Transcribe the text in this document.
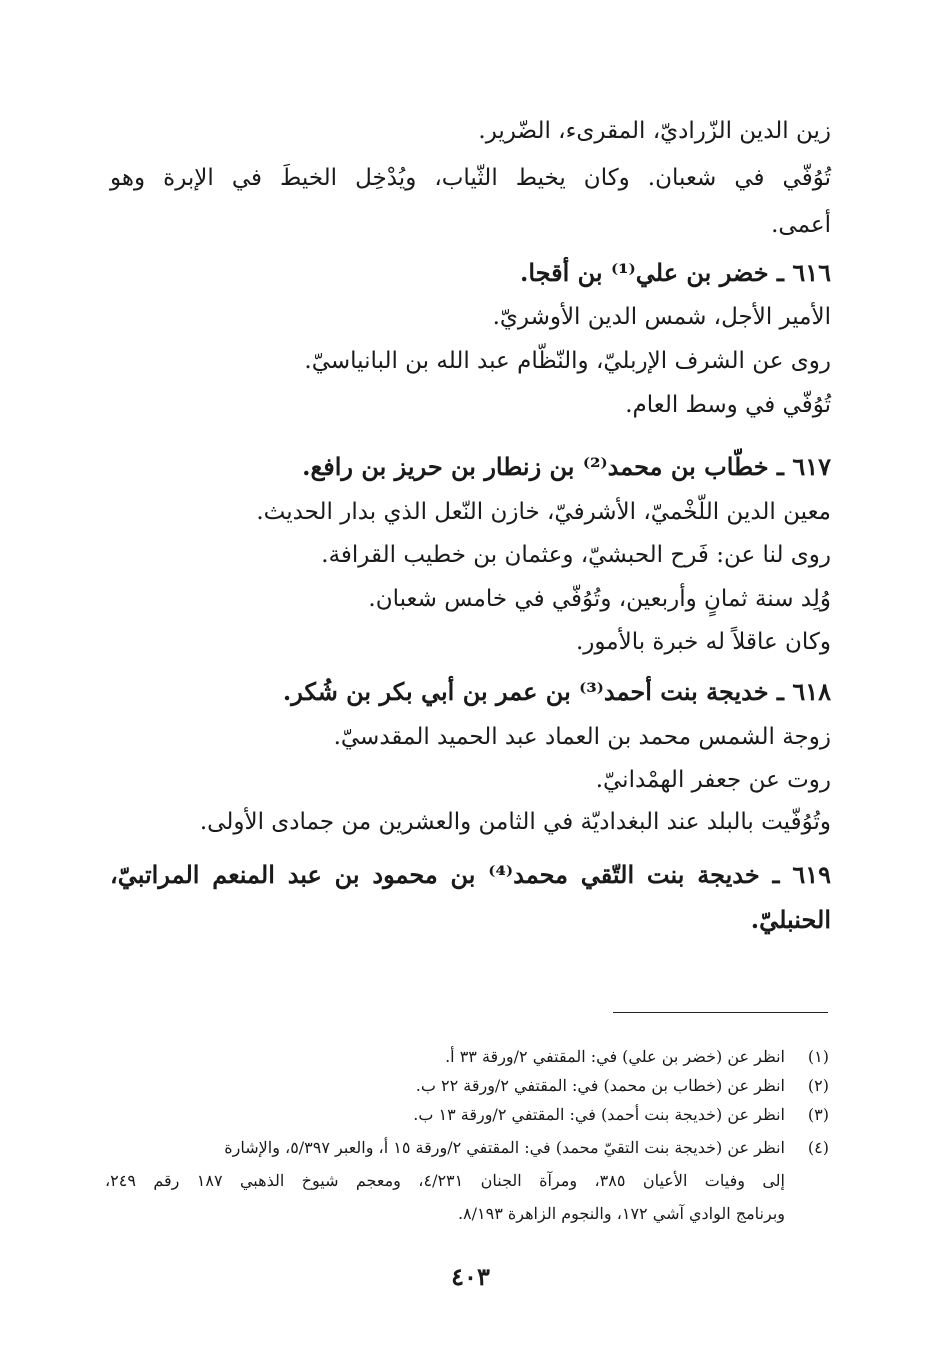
زين الدين الزّراديّ، المقرىء، الضّرير.
تُوُفّي في شعبان. وكان يخيط الثّياب، ويُدْخِل الخيطَ في الإبرة وهو
أعمى.
٦١٦ ـ خضر بن علي⁽¹⁾ بن أقجا.
الأمير الأجل، شمس الدين الأوشريّ.
روى عن الشرف الإربليّ، والنّظّام عبد الله بن البانياسيّ.
تُوُفّي في وسط العام.
٦١٧ ـ خطّاب بن محمد⁽²⁾ بن زنطار بن حريز بن رافع.
معين الدين اللّخْميّ، الأشرفيّ، خازن النّعل الذي بدار الحديث.
روى لنا عن: فَرح الحبشيّ، وعثمان بن خطيب القرافة.
وُلِد سنة ثمانٍ وأربعين، وتُوُفّي في خامس شعبان.
وكان عاقلاً له خبرة بالأمور.
٦١٨ ـ خديجة بنت أحمد⁽³⁾ بن عمر بن أبي بكر بن شُكر.
زوجة الشمس محمد بن العماد عبد الحميد المقدسيّ.
روت عن جعفر الهمْدانيّ.
وتُوُفّيت بالبلد عند البغداديّة في الثامن والعشرين من جمادى الأولى.
٦١٩ ـ خديجة بنت التّقي محمد⁽⁴⁾ بن محمود بن عبد المنعم المراتبيّ،
الحنبليّ.
(١)انظر عن (خضر بن علي) في: المقتفي ٢/ورقة ٣٣ أ.
(٢)انظر عن (خطاب بن محمد) في: المقتفي ٢/ورقة ٢٢ ب.
(٣)انظر عن (خديجة بنت أحمد) في: المقتفي ٢/ورقة ١٣ ب.
(٤)انظر عن (خديجة بنت التقيّ محمد) في: المقتفي ٢/ورقة ١٥ أ، والعبر ٥/٣٩٧، والإشارة
إلى وفيات الأعيان ٣٨٥، ومرآة الجنان ٤/٢٣١، ومعجم شيوخ الذهبي ١٨٧ رقم ٢٤٩،
وبرنامج الوادي آشي ١٧٢، والنجوم الزاهرة ٨/١٩٣.
٤٠٣
